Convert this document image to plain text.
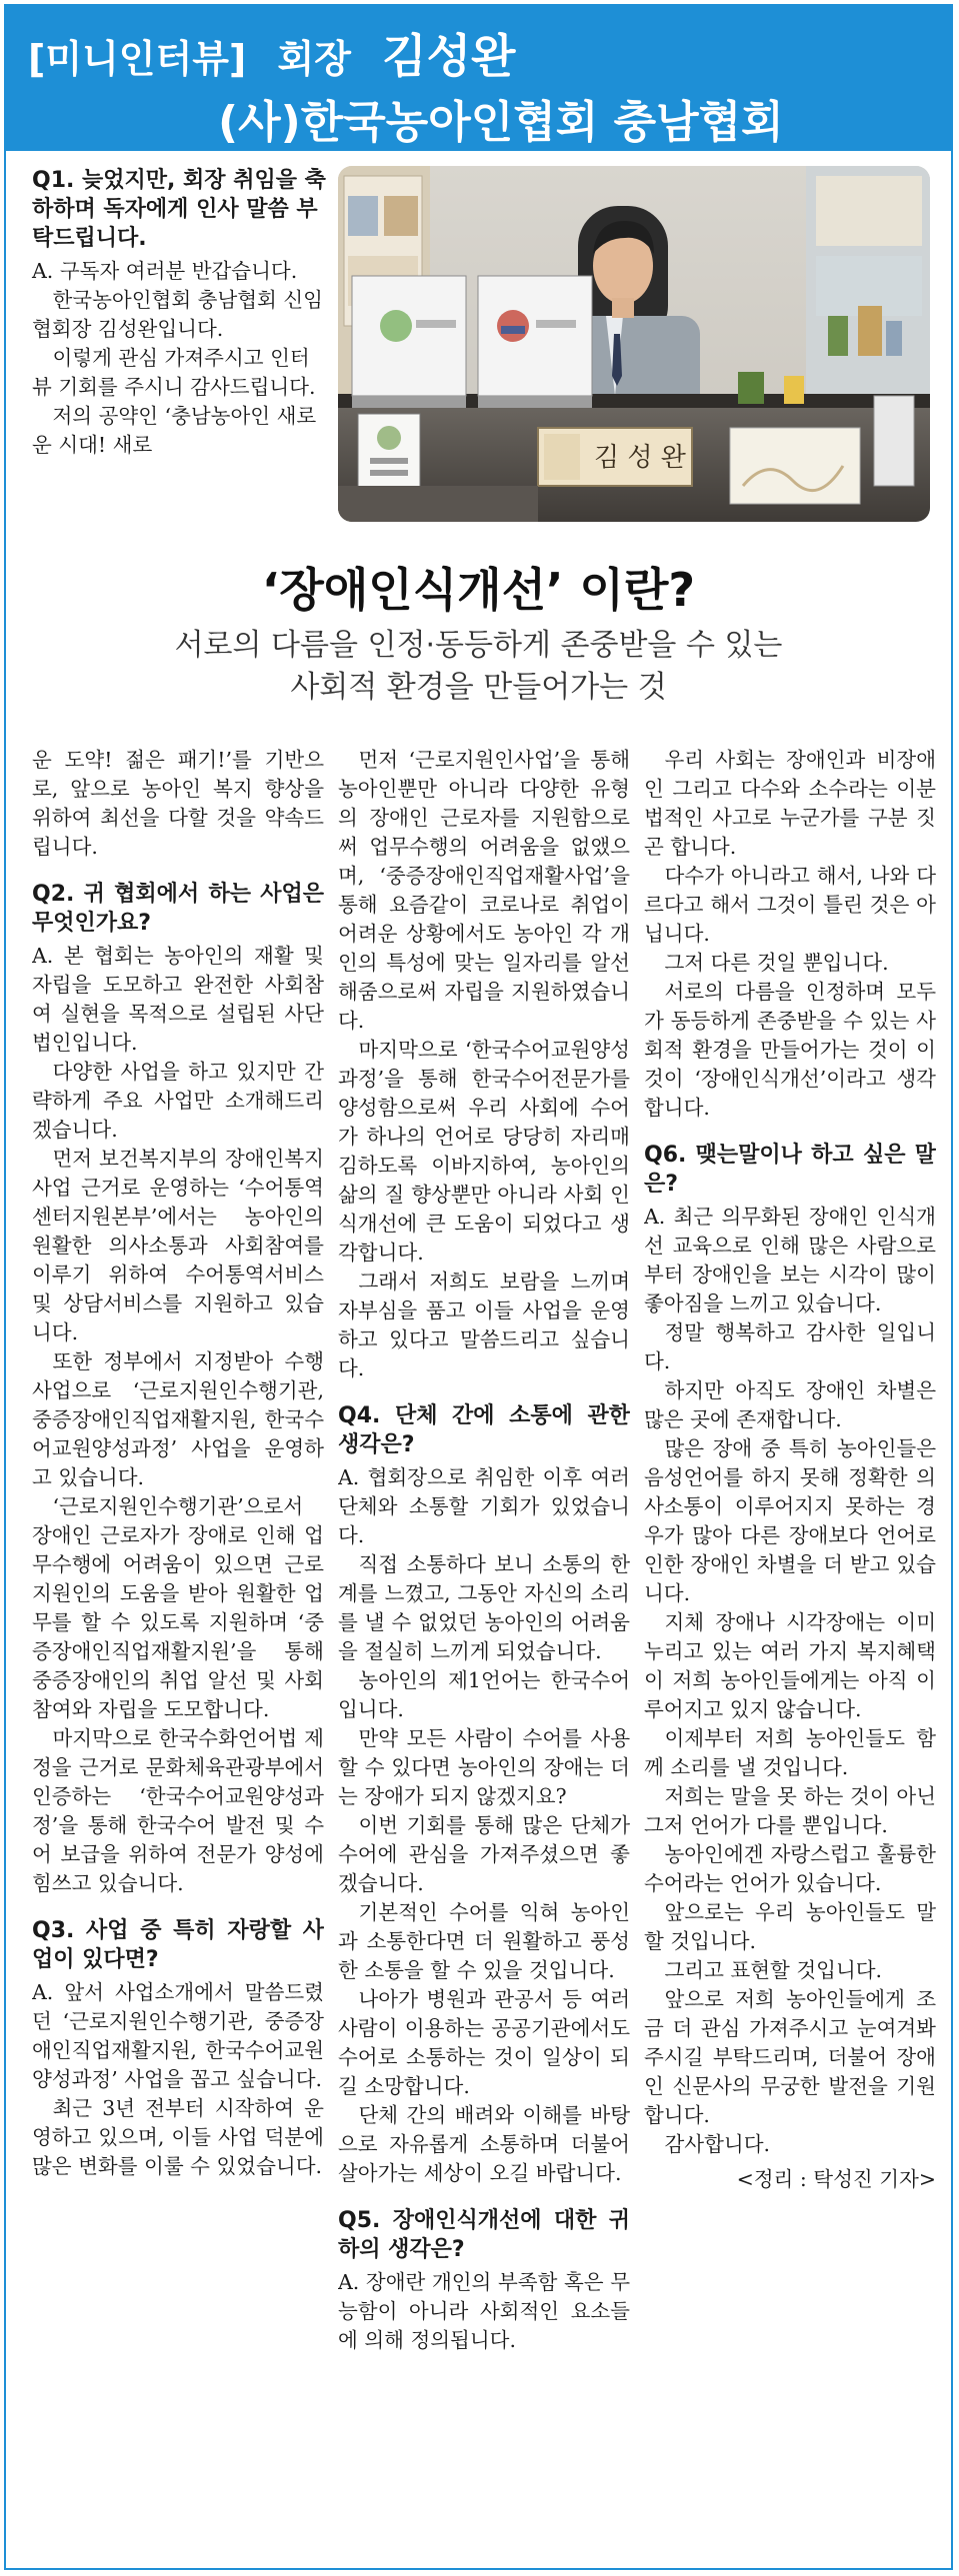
[미니인터뷰] 회장 김성완
(사)한국농아인협회 충남협회

Q1. 늦었지만, 회장 취임을 축하하며 독자에게 인사 말씀 부탁드립니다.

A. 구독자 여러분 반갑습니다.

한국농아인협회 충남협회 신임 협회장 김성완입니다.

이렇게 관심 가져주시고 인터뷰 기회를 주시니 감사드립니다.

저의 공약인 ‘충남농아인 새로운 시대! 새로	김 성 완
‘장애인식개선’ 이란?
서로의 다름을 인정·동등하게 존중받을 수 있는
사회적 환경을 만들어가는 것

운 도약! 젊은 패기!’를 기반으로, 앞으로 농아인 복지 향상을 위하여 최선을 다할 것을 약속드립니다.

Q2. 귀 협회에서 하는 사업은 무엇인가요?

A. 본 협회는 농아인의 재활 및 자립을 도모하고 완전한 사회참여 실현을 목적으로 설립된 사단법인입니다.

다양한 사업을 하고 있지만 간략하게 주요 사업만 소개해드리겠습니다.

먼저 보건복지부의 장애인복지사업 근거로 운영하는 ‘수어통역센터지원본부’에서는 농아인의 원활한 의사소통과 사회참여를 이루기 위하여 수어통역서비스 및 상담서비스를 지원하고 있습니다.

또한 정부에서 지정받아 수행사업으로 ‘근로지원인수행기관, 중증장애인직업재활지원, 한국수어교원양성과정’ 사업을 운영하고 있습니다.

‘근로지원인수행기관’으로서 장애인 근로자가 장애로 인해 업무수행에 어려움이 있으면 근로지원인의 도움을 받아 원활한 업무를 할 수 있도록 지원하며 ‘중증장애인직업재활지원’을 통해 중증장애인의 취업 알선 및 사회참여와 자립을 도모합니다.

마지막으로 한국수화언어법 제정을 근거로 문화체육관광부에서 인증하는 ‘한국수어교원양성과정’을 통해 한국수어 발전 및 수어 보급을 위하여 전문가 양성에 힘쓰고 있습니다.

Q3. 사업 중 특히 자랑할 사업이 있다면?

A. 앞서 사업소개에서 말씀드렸던 ‘근로지원인수행기관, 중증장애인직업재활지원, 한국수어교원양성과정’ 사업을 꼽고 싶습니다.

최근 3년 전부터 시작하여 운영하고 있으며, 이들 사업 덕분에 많은 변화를 이룰 수 있었습니다.

먼저 ‘근로지원인사업’을 통해 농아인뿐만 아니라 다양한 유형의 장애인 근로자를 지원함으로써 업무수행의 어려움을 없앴으며, ‘중증장애인직업재활사업’을 통해 요즘같이 코로나로 취업이 어려운 상황에서도 농아인 각 개인의 특성에 맞는 일자리를 알선해줌으로써 자립을 지원하였습니다.

마지막으로 ‘한국수어교원양성과정’을 통해 한국수어전문가를 양성함으로써 우리 사회에 수어가 하나의 언어로 당당히 자리매김하도록 이바지하여, 농아인의 삶의 질 향상뿐만 아니라 사회 인식개선에 큰 도움이 되었다고 생각합니다.

그래서 저희도 보람을 느끼며 자부심을 품고 이들 사업을 운영하고 있다고 말씀드리고 싶습니다.

Q4. 단체 간에 소통에 관한 생각은?

A. 협회장으로 취임한 이후 여러 단체와 소통할 기회가 있었습니다.

직접 소통하다 보니 소통의 한계를 느꼈고, 그동안 자신의 소리를 낼 수 없었던 농아인의 어려움을 절실히 느끼게 되었습니다.

농아인의 제1언어는 한국수어입니다.

만약 모든 사람이 수어를 사용할 수 있다면 농아인의 장애는 더는 장애가 되지 않겠지요?

이번 기회를 통해 많은 단체가 수어에 관심을 가져주셨으면 좋겠습니다.

기본적인 수어를 익혀 농아인과 소통한다면 더 원활하고 풍성한 소통을 할 수 있을 것입니다.

나아가 병원과 관공서 등 여러 사람이 이용하는 공공기관에서도 수어로 소통하는 것이 일상이 되길 소망합니다.

단체 간의 배려와 이해를 바탕으로 자유롭게 소통하며 더불어 살아가는 세상이 오길 바랍니다.

Q5. 장애인식개선에 대한 귀하의 생각은?

A. 장애란 개인의 부족함 혹은 무능함이 아니라 사회적인 요소들에 의해 정의됩니다.

우리 사회는 장애인과 비장애인 그리고 다수와 소수라는 이분법적인 사고로 누군가를 구분 짓곤 합니다.

다수가 아니라고 해서, 나와 다르다고 해서 그것이 틀린 것은 아닙니다.

그저 다른 것일 뿐입니다.

서로의 다름을 인정하며 모두가 동등하게 존중받을 수 있는 사회적 환경을 만들어가는 것이 이것이 ‘장애인식개선’이라고 생각합니다.

Q6. 맺는말이나 하고 싶은 말은?

A. 최근 의무화된 장애인 인식개선 교육으로 인해 많은 사람으로부터 장애인을 보는 시각이 많이 좋아짐을 느끼고 있습니다.

정말 행복하고 감사한 일입니다.

하지만 아직도 장애인 차별은 많은 곳에 존재합니다.

많은 장애 중 특히 농아인들은 음성언어를 하지 못해 정확한 의사소통이 이루어지지 못하는 경우가 많아 다른 장애보다 언어로 인한 장애인 차별을 더 받고 있습니다.

지체 장애나 시각장애는 이미 누리고 있는 여러 가지 복지혜택이 저희 농아인들에게는 아직 이루어지고 있지 않습니다.

이제부터 저희 농아인들도 함께 소리를 낼 것입니다.

저희는 말을 못 하는 것이 아닌 그저 언어가 다를 뿐입니다.

농아인에겐 자랑스럽고 훌륭한 수어라는 언어가 있습니다.

앞으로는 우리 농아인들도 말할 것입니다.

그리고 표현할 것입니다.

앞으로 저희 농아인들에게 조금 더 관심 가져주시고 눈여겨봐 주시길 부탁드리며, 더불어 장애인 신문사의 무궁한 발전을 기원합니다.

감사합니다.

<정리 : 탁성진 기자>
